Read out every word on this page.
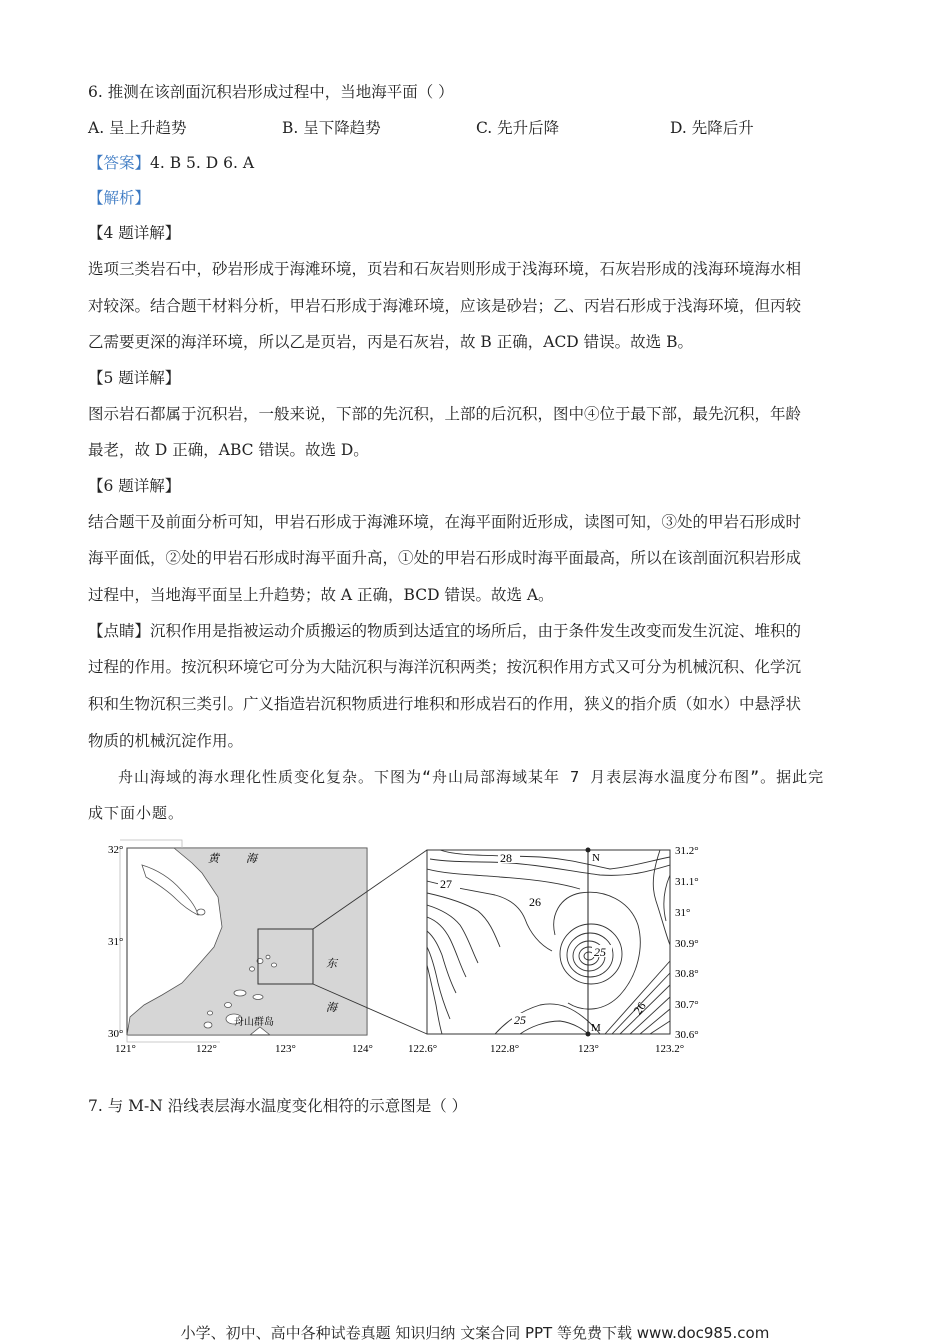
6. 推测在该剖面沉积岩形成过程中，当地海平面（ ）
A. 呈上升趋势	B. 呈下降趋势	C. 先升后降	D. 先降后升
【答案】4. B 5. D 6. A
【解析】
【4 题详解】
选项三类岩石中，砂岩形成于海滩环境，页岩和石灰岩则形成于浅海环境，石灰岩形成的浅海环境海水相
对较深。结合题干材料分析，甲岩石形成于海滩环境，应该是砂岩；乙、丙岩石形成于浅海环境，但丙较
乙需要更深的海洋环境，所以乙是页岩，丙是石灰岩，故 B 正确，ACD 错误。故选 B。
【5 题详解】
图示岩石都属于沉积岩，一般来说，下部的先沉积，上部的后沉积，图中④位于最下部，最先沉积，年龄
最老，故 D 正确，ABC 错误。故选 D。
【6 题详解】
结合题干及前面分析可知，甲岩石形成于海滩环境，在海平面附近形成，读图可知，③处的甲岩石形成时
海平面低，②处的甲岩石形成时海平面升高，①处的甲岩石形成时海平面最高，所以在该剖面沉积岩形成
过程中，当地海平面呈上升趋势；故 A 正确，BCD 错误。故选 A。
【点睛】沉积作用是指被运动介质搬运的物质到达适宜的场所后，由于条件发生改变而发生沉淀、堆积的
过程的作用。按沉积环境它可分为大陆沉积与海洋沉积两类；按沉积作用方式又可分为机械沉积、化学沉
积和生物沉积三类引。广义指造岩沉积物质进行堆积和形成岩石的作用，狭义的指介质（如水）中悬浮状
物质的机械沉淀作用。
舟山海域的海水理化性质变化复杂。下图为“舟山局部海域某年 7 月表层海水温度分布图”。据此完
成下面小题。
32°
31°
30°
121°	122°	123°	124°
黄 海
东
海
舟山群岛
N
M
28
27
26
25
26
25
31.2°
31.1°
31°
30.9°
30.8°
30.7°
30.6°
122.6°	122.8°	123°	123.2°
7. 与 M-N 沿线表层海水温度变化相符的示意图是（ ）
小学、初中、高中各种试卷真题 知识归纳 文案合同 PPT 等免费下载 www.doc985.com
